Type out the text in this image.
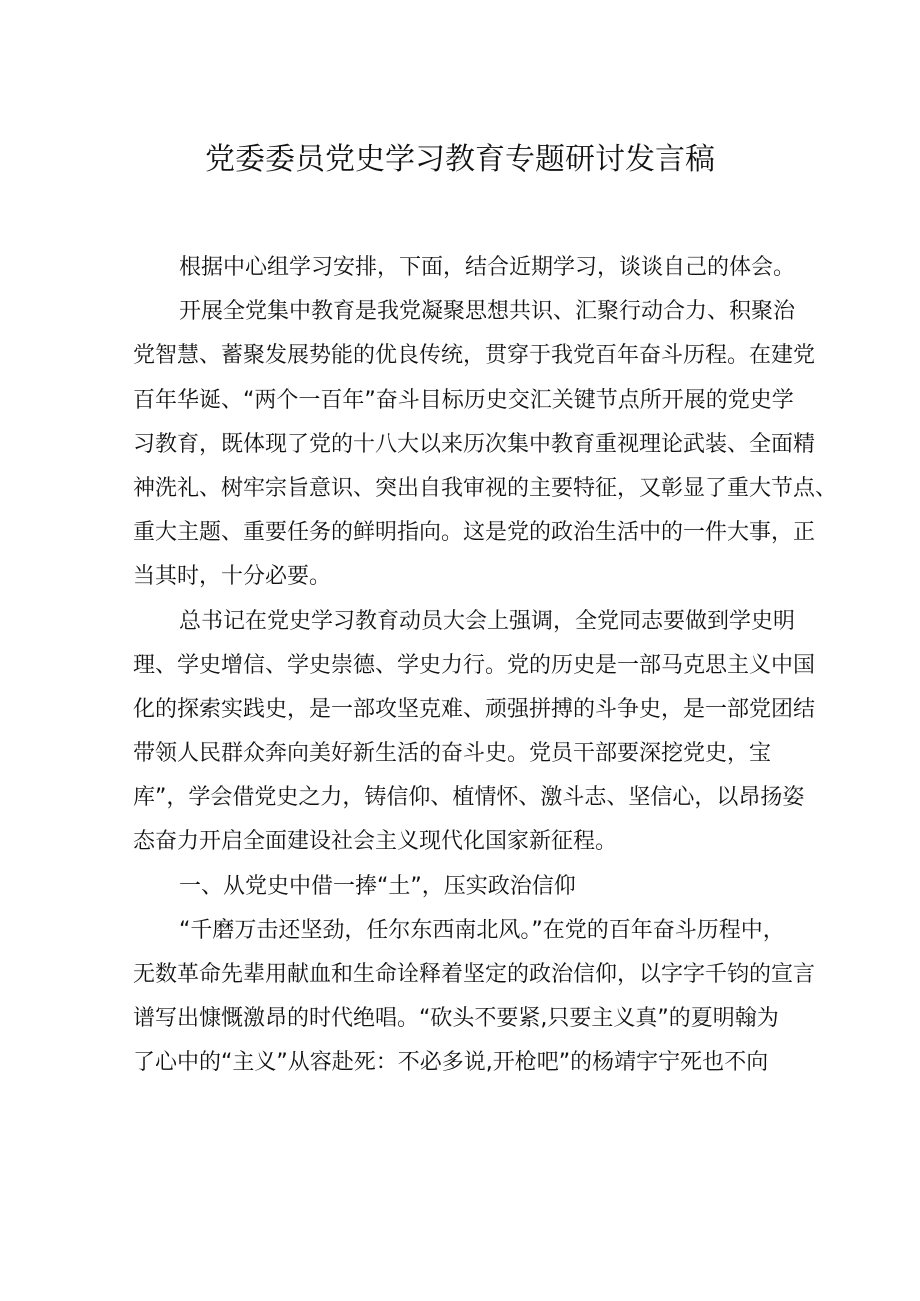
党委委员党史学习教育专题研讨发言稿
根据中心组学习安排，下面，结合近期学习，谈谈自己的体会。
开展全党集中教育是我党凝聚思想共识、汇聚行动合力、积聚治
党智慧、蓄聚发展势能的优良传统，贯穿于我党百年奋斗历程。在建党
百年华诞、“两个一百年”奋斗目标历史交汇关键节点所开展的党史学
习教育，既体现了党的十八大以来历次集中教育重视理论武装、全面精
神洗礼、树牢宗旨意识、突出自我审视的主要特征，又彰显了重大节点、
重大主题、重要任务的鲜明指向。这是党的政治生活中的一件大事，正
当其时，十分必要。
总书记在党史学习教育动员大会上强调，全党同志要做到学史明
理、学史增信、学史崇德、学史力行。党的历史是一部马克思主义中国
化的探索实践史，是一部攻坚克难、顽强拼搏的斗争史，是一部党团结
带领人民群众奔向美好新生活的奋斗史。党员干部要深挖党史，宝
库”，学会借党史之力，铸信仰、植情怀、激斗志、坚信心，以昂扬姿
态奋力开启全面建设社会主义现代化国家新征程。
一、从党史中借一捧“土”，压实政治信仰
“千磨万击还坚劲，任尔东西南北风。”在党的百年奋斗历程中，
无数革命先辈用献血和生命诠释着坚定的政治信仰，以字字千钧的宣言
谱写出慷慨激昂的时代绝唱。“砍头不要紧,只要主义真”的夏明翰为
了心中的“主义”从容赴死：不必多说,开枪吧”的杨靖宇宁死也不向
